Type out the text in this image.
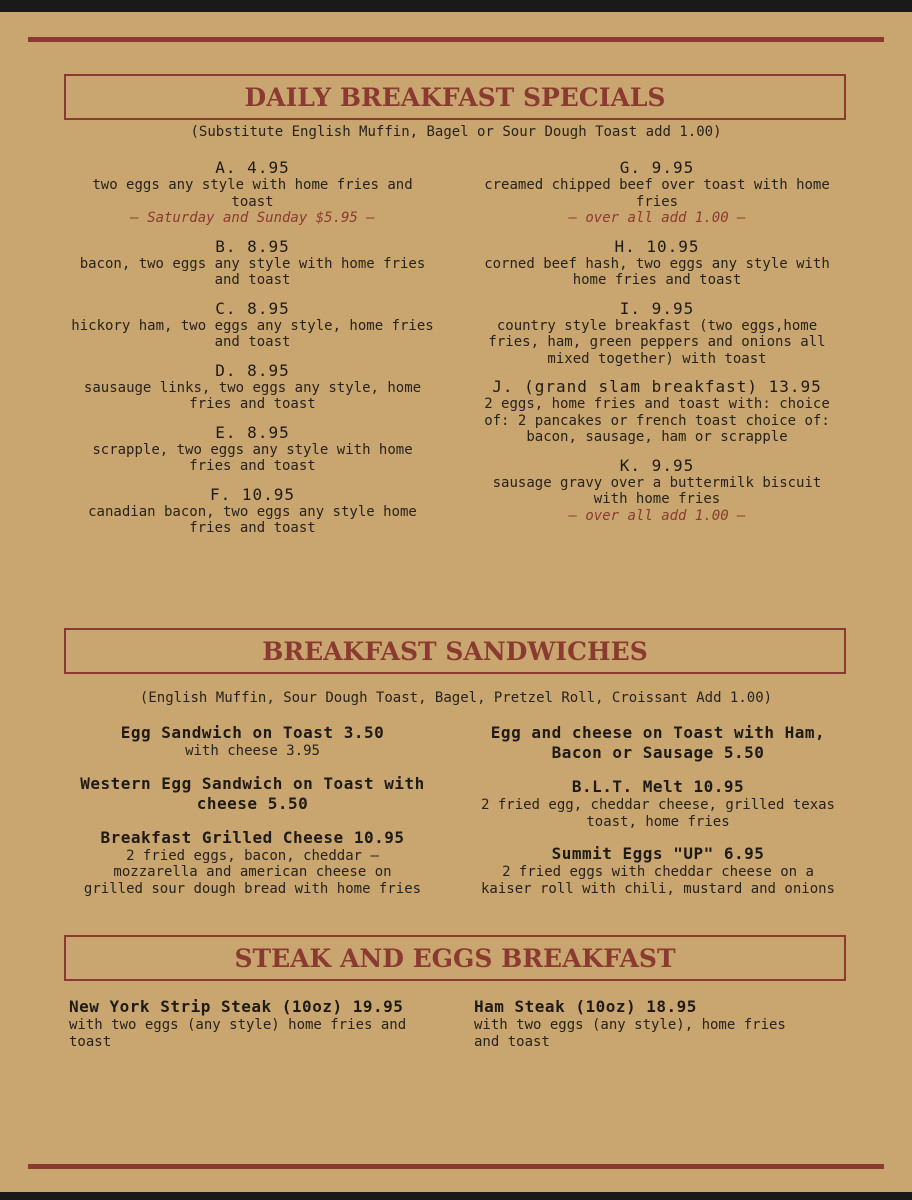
DAILY BREAKFAST SPECIALS
(Substitute English Muffin, Bagel or Sour Dough Toast add 1.00)
A. 4.95
two eggs any style with home fries and toast
– Saturday and Sunday $5.95 –
B. 8.95
bacon, two eggs any style with home fries and toast
C. 8.95
hickory ham, two eggs any style, home fries and toast
D. 8.95
sausauge links, two eggs any style, home fries and toast
E. 8.95
scrapple, two eggs any style with home fries and toast
F. 10.95
canadian bacon, two eggs any style home fries and toast
G. 9.95
creamed chipped beef over toast with home fries
– over all add 1.00 –
H. 10.95
corned beef hash, two eggs any style with home fries and toast
I. 9.95
country style breakfast (two eggs,home fries, ham, green peppers and onions all mixed together) with toast
J. (grand slam breakfast) 13.95
2 eggs, home fries and toast with: choice of: 2 pancakes or french toast choice of: bacon, sausage, ham or scrapple
K. 9.95
sausage gravy over a buttermilk biscuit with home fries
– over all add 1.00 –
BREAKFAST SANDWICHES
(English Muffin, Sour Dough Toast, Bagel, Pretzel Roll, Croissant Add 1.00)
Egg Sandwich on Toast 3.50
with cheese 3.95
Western Egg Sandwich on Toast with cheese 5.50
Breakfast Grilled Cheese 10.95
2 fried eggs, bacon, cheddar – mozzarella and american cheese on grilled sour dough bread with home fries
Egg and cheese on Toast with Ham, Bacon or Sausage 5.50
B.L.T. Melt 10.95
2 fried egg, cheddar cheese, grilled texas toast, home fries
Summit Eggs "UP" 6.95
2 fried eggs with cheddar cheese on a kaiser roll with chili, mustard and onions
STEAK AND EGGS BREAKFAST
New York Strip Steak (10oz) 19.95
with two eggs (any style) home fries and toast
Ham Steak (10oz) 18.95
with two eggs (any style), home fries and toast
